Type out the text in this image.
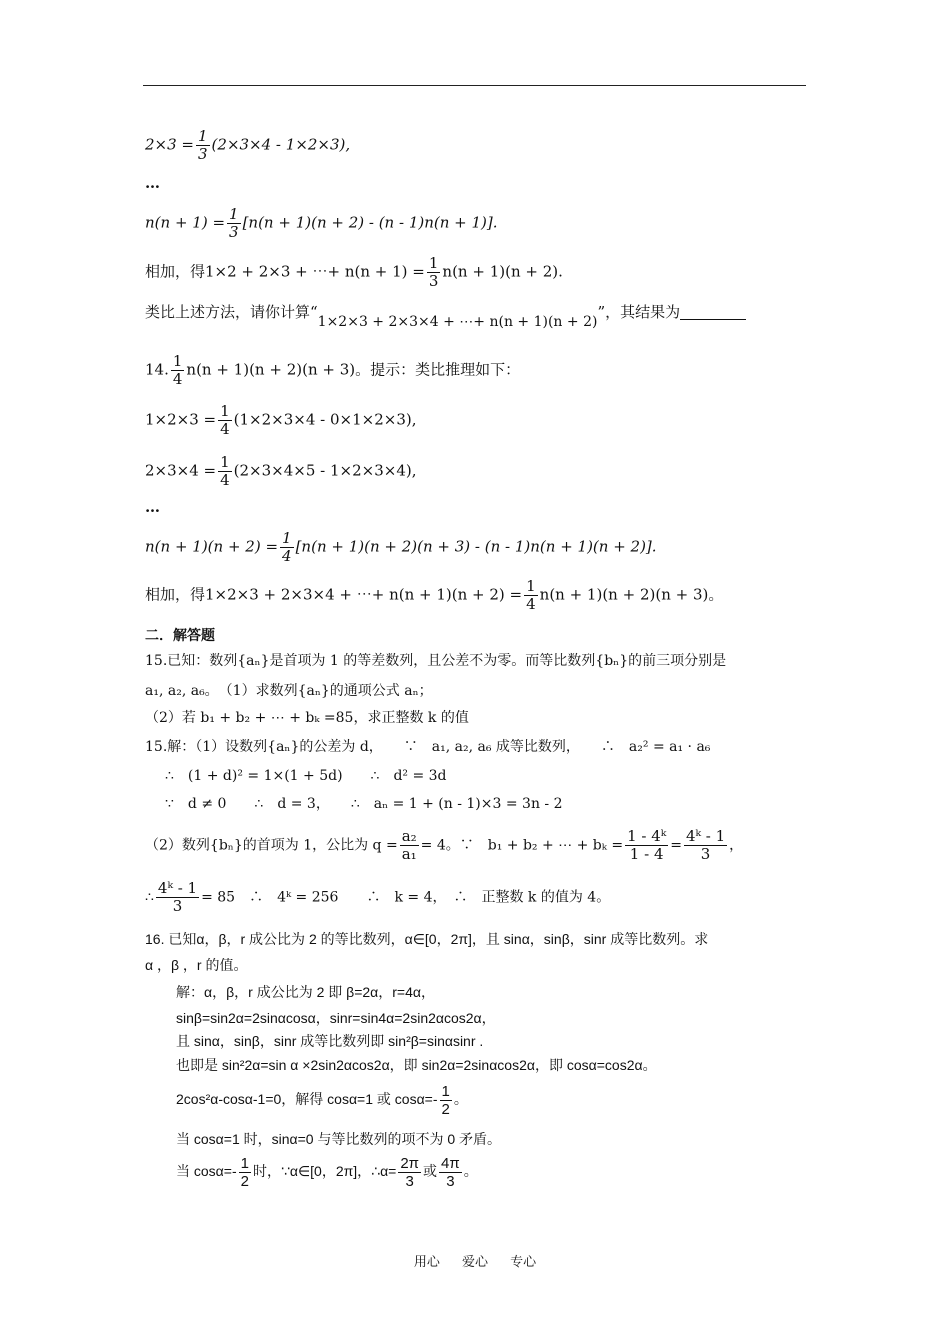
$2\times 3 = \frac{1}{3} (2\times 3\times 4 - 1\times 2\times 3)$,
…
$n(n + 1) = \frac{1}{3} [n(n + 1)(n + 2) - (n - 1)n(n + 1)]$.
相加，得1×2 + 2×3 + ⋯+ $n(n + 1) = \frac{1}{3} n(n + 1)(n + 2)$.
类比上述方法，请你计算“1×2×3 + 2×3×4 + ⋯+ n(n + 1)(n + 2)”，其结果为
14. $\frac{1}{4} n(n + 1)(n + 2)(n + 3)$。提示：类比推理如下：
$1\times 2\times 3 = \frac{1}{4} (1\times 2\times 3\times 4 - 0\times 1\times 2\times 3)$,
$2\times 3\times 4 = \frac{1}{4} (2\times 3\times 4\times 5 - 1\times 2\times 3\times 4)$,
…
$n(n + 1)(n + 2) = \frac{1}{4} [n(n + 1)(n + 2)(n + 3) - (n - 1)n(n + 1)(n + 2)]$.
相加，得1×2×3 + 2×3×4 + ⋯+ $n(n + 1)(n + 2) = \frac{1}{4} n(n + 1)(n + 2)(n + 3)$。
二．解答题
15.已知：数列{aₙ}是首项为 1 的等差数列，且公差不为零。而等比数列{bₙ}的前三项分别是
a₁, a₂, a₆。　（1）求数列{aₙ}的通项公式 aₙ；
（2）若 b₁ + b₂ + ⋯ + bₖ =85，求正整数 k 的值
15.解：（1）设数列{aₙ}的公差为 d，　　∵　a₁, a₂, a₆ 成等比数列，　　∴　a₂² = a₁ · a₆
∴　(1 + d)² = 1×(1 + 5d)　　∴　d² = 3d
∵　d ≠ 0　　∴　d = 3，　　∴　aₙ = 1 + (n - 1)×3 = 3n - 2
（2）数列{bₙ}的首项为 1，公比为 $q = \frac{\text{a₂}}{\text{a₁}} = 4$。∵　b₁ + b₂ + ⋯ + $b_k = \frac{\text{1 - 4ᵏ}}{1 - 4} = \frac{\text{4ᵏ - 1}}{3}$ ，
∴ $\frac{\text{4ᵏ - 1}}{3} = 85$　∴　4ᵏ = 256　　∴　k = 4，　∴　正整数 k 的值为 4。
16. 已知α，β，r 成公比为 2 的等比数列，α∈[0，2π]，且 sinα，sinβ，sinr 成等比数列。求
α ，β ，r 的值。
解：α，β，r 成公比为 2 即 β=2α，r=4α，
sinβ=sin2α=2sinαcosα，sinr=sin4α=2sin2αcos2α，
且 sinα，sinβ，sinr 成等比数列即 sin²β=sinαsinr .
也即是 sin²2α=sin α ×2sin2αcos2α，即 sin2α=2sinαcos2α，即 cosα=cos2α。
2cos²α-cosα-1=0，解得 cosα=1 或 $\cos\alpha=- \frac{1}{2}$ 。
当 cosα=1 时，sinα=0 与等比数列的项不为 0 矛盾。
当 $\cos\alpha=- \frac{1}{2}$ 时，∵α∈[0，2π]，∴α= $\frac{2\pi}{3}$ 或 $\frac{4\pi}{3}$ 。
用心 爱心 专心
